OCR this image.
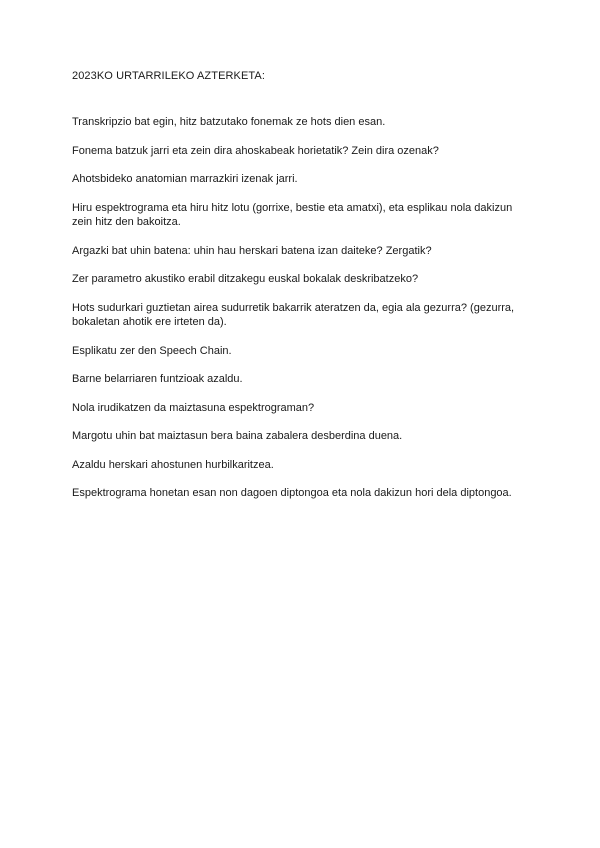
2023KO URTARRILEKO AZTERKETA:
Transkripzio bat egin, hitz batzutako fonemak ze hots dien esan.
Fonema batzuk jarri eta zein dira ahoskabeak horietatik? Zein dira ozenak?
Ahotsbideko anatomian marrazkiri izenak jarri.
Hiru espektrograma eta hiru hitz lotu (gorrixe, bestie eta amatxi), eta esplikau nola dakizun zein hitz den bakoitza.
Argazki bat uhin batena: uhin hau herskari batena izan daiteke? Zergatik?
Zer parametro akustiko erabil ditzakegu euskal bokalak deskribatzeko?
Hots sudurkari guztietan airea sudurretik bakarrik ateratzen da, egia ala gezurra? (gezurra, bokaletan ahotik ere irteten da).
Esplikatu zer den Speech Chain.
Barne belarriaren funtzioak azaldu.
Nola irudikatzen da maiztasuna espektrograman?
Margotu uhin bat maiztasun bera baina zabalera desberdina duena.
Azaldu herskari ahostunen hurbilkaritzea.
Espektrograma honetan esan non dagoen diptongoa eta nola dakizun hori dela diptongoa.
